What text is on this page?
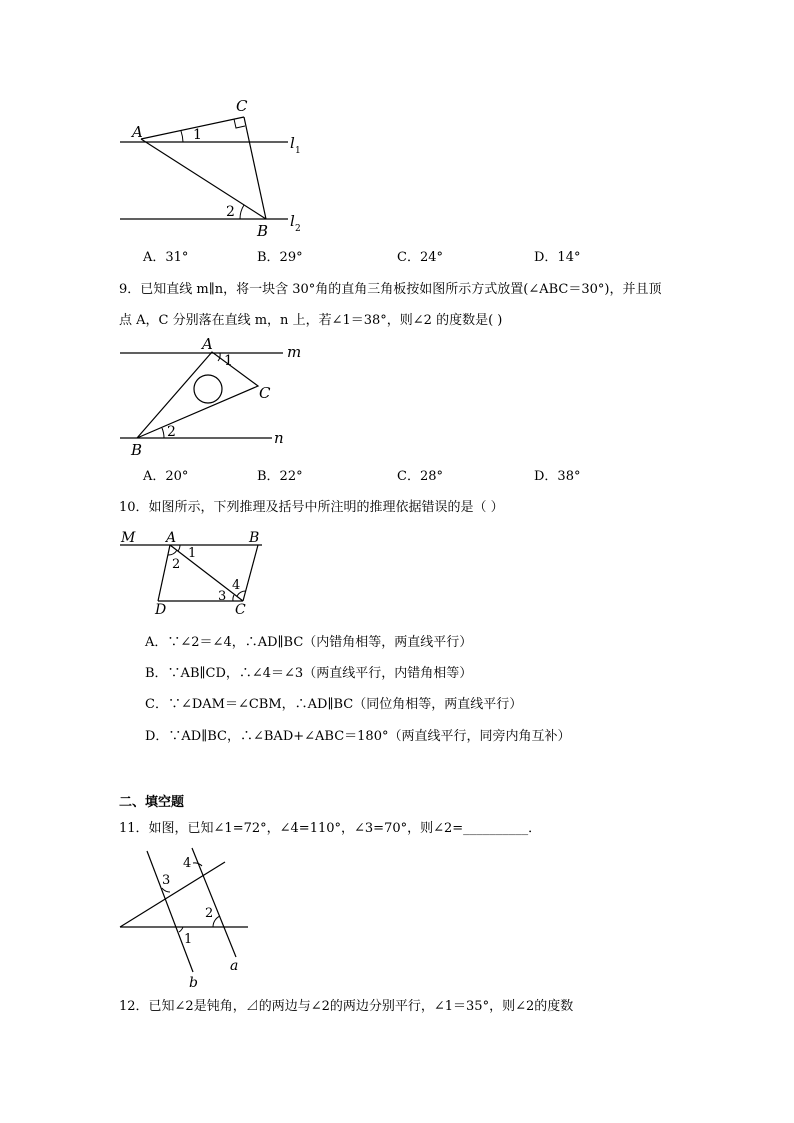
A
C
B
1
2
l 1
l 2
A．31°	B．29°	C．24°	D．14°
9．已知直线 m∥n，将一块含 30°角的直角三角板按如图所示方式放置(∠ABC＝30°)，并且顶
点 A，C 分别落在直线 m，n 上，若∠1＝38°，则∠2 的度数是( )
A
1	m
C
2	n
B
A．20°	B．22°	C．28°	D．38°
10．如图所示，下列推理及括号中所注明的推理依据错误的是（ ）
M A	B
1
2
4
3
D	C
A．∵∠2＝∠4，∴AD∥BC（内错角相等，两直线平行）
B．∵AB∥CD，∴∠4＝∠3（两直线平行，内错角相等）
C．∵∠DAM＝∠CBM，∴AD∥BC（同位角相等，两直线平行）
D．∵AD∥BC，∴∠BAD+∠ABC＝180°（两直线平行，同旁内角互补）
二、填空题
11．如图，已知∠1=72°，∠4=110°，∠3=70°，则∠2=__________．
4
3
2
1
a
b
12．已知∠2是钝角，⊿的两边与∠2的两边分别平行，∠1＝35°，则∠2的度数
